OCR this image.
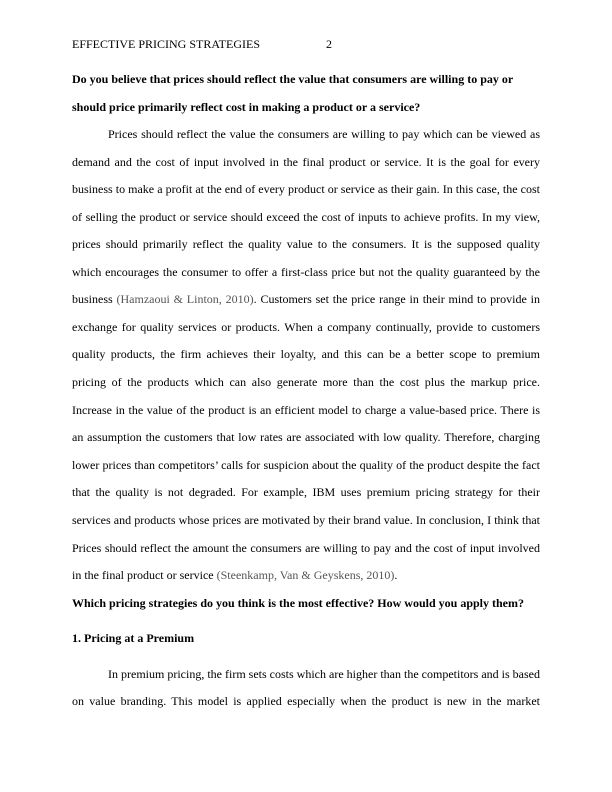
EFFECTIVE PRICING STRATEGIES	2
Do you believe that prices should reflect the value that consumers are willing to pay or
should price primarily reflect cost in making a product or a service?
Prices should reflect the value the consumers are willing to pay which can be viewed as
demand and the cost of input involved in the final product or service. It is the goal for every
business to make a profit at the end of every product or service as their gain. In this case, the cost
of selling the product or service should exceed the cost of inputs to achieve profits. In my view,
prices should primarily reflect the quality value to the consumers. It is the supposed quality
which encourages the consumer to offer a first-class price but not the quality guaranteed by the
business (Hamzaoui & Linton, 2010). Customers set the price range in their mind to provide in
exchange for quality services or products. When a company continually, provide to customers
quality products, the firm achieves their loyalty, and this can be a better scope to premium
pricing of the products which can also generate more than the cost plus the markup price.
Increase in the value of the product is an efficient model to charge a value-based price. There is
an assumption the customers that low rates are associated with low quality. Therefore, charging
lower prices than competitors’ calls for suspicion about the quality of the product despite the fact
that the quality is not degraded. For example, IBM uses premium pricing strategy for their
services and products whose prices are motivated by their brand value. In conclusion, I think that
Prices should reflect the amount the consumers are willing to pay and the cost of input involved
in the final product or service (Steenkamp, Van & Geyskens, 2010).
Which pricing strategies do you think is the most effective? How would you apply them?
1. Pricing at a Premium
In premium pricing, the firm sets costs which are higher than the competitors and is based
on value branding. This model is applied especially when the product is new in the market
